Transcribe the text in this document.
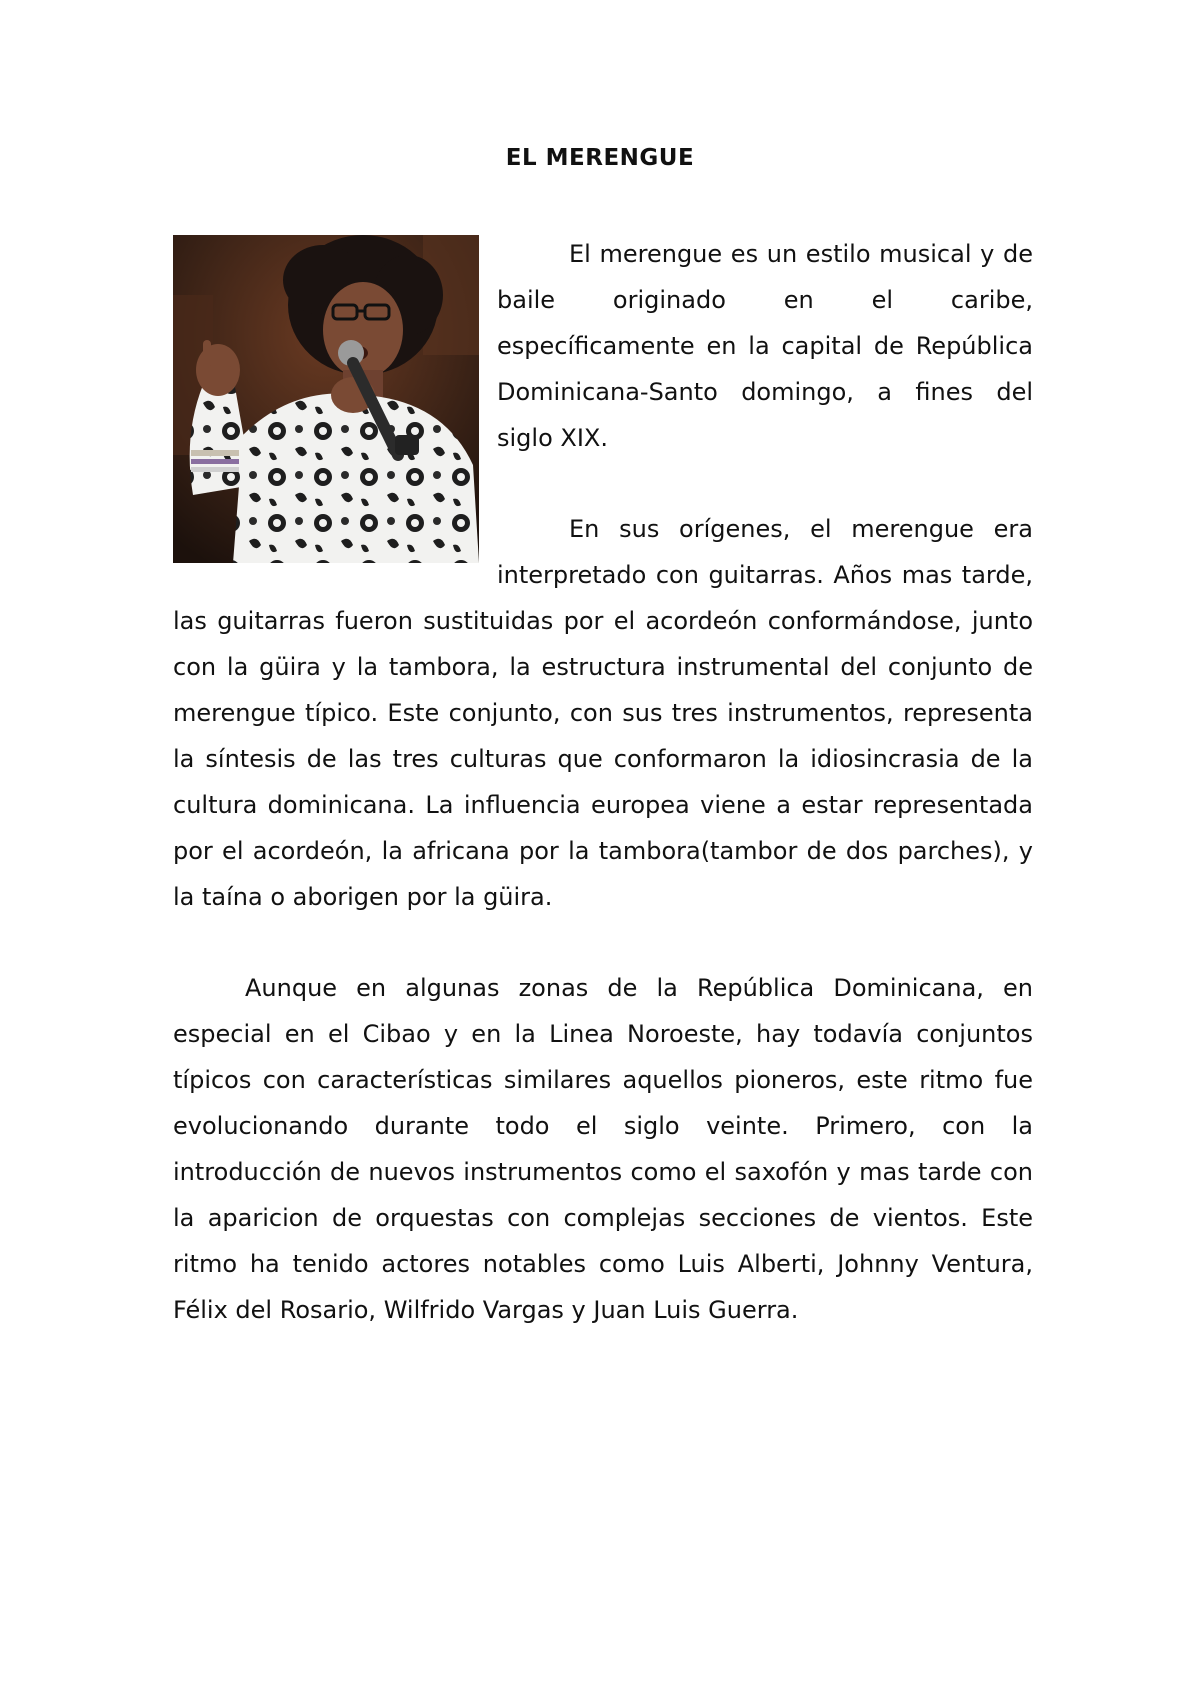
EL MERENGUE

El merengue es un estilo musical y de baile originado en el caribe, específicamente en la capital de República Dominicana-Santo domingo, a fines del siglo XIX.

En sus orígenes, el merengue era interpretado con guitarras. Años mas tarde, las guitarras fueron sustituidas por el acordeón conformándose, junto con la güira y la tambora, la estructura instrumental del conjunto de merengue típico. Este conjunto, con sus tres instrumentos, representa la síntesis de las tres culturas que conformaron la idiosincrasia de la cultura dominicana. La influencia europea viene a estar representada por el acordeón, la africana por la tambora(tambor de dos parches), y la taína o aborigen por la güira.

Aunque en algunas zonas de la República Dominicana, en especial en el Cibao y en la Linea Noroeste, hay todavía conjuntos típicos con características similares aquellos pioneros, este ritmo fue evolucionando durante todo el siglo veinte. Primero, con la introducción de nuevos instrumentos como el saxofón y mas tarde con la aparicion de orquestas con complejas secciones de vientos. Este ritmo ha tenido actores notables como Luis Alberti, Johnny Ventura, Félix del Rosario, Wilfrido Vargas y Juan Luis Guerra.
